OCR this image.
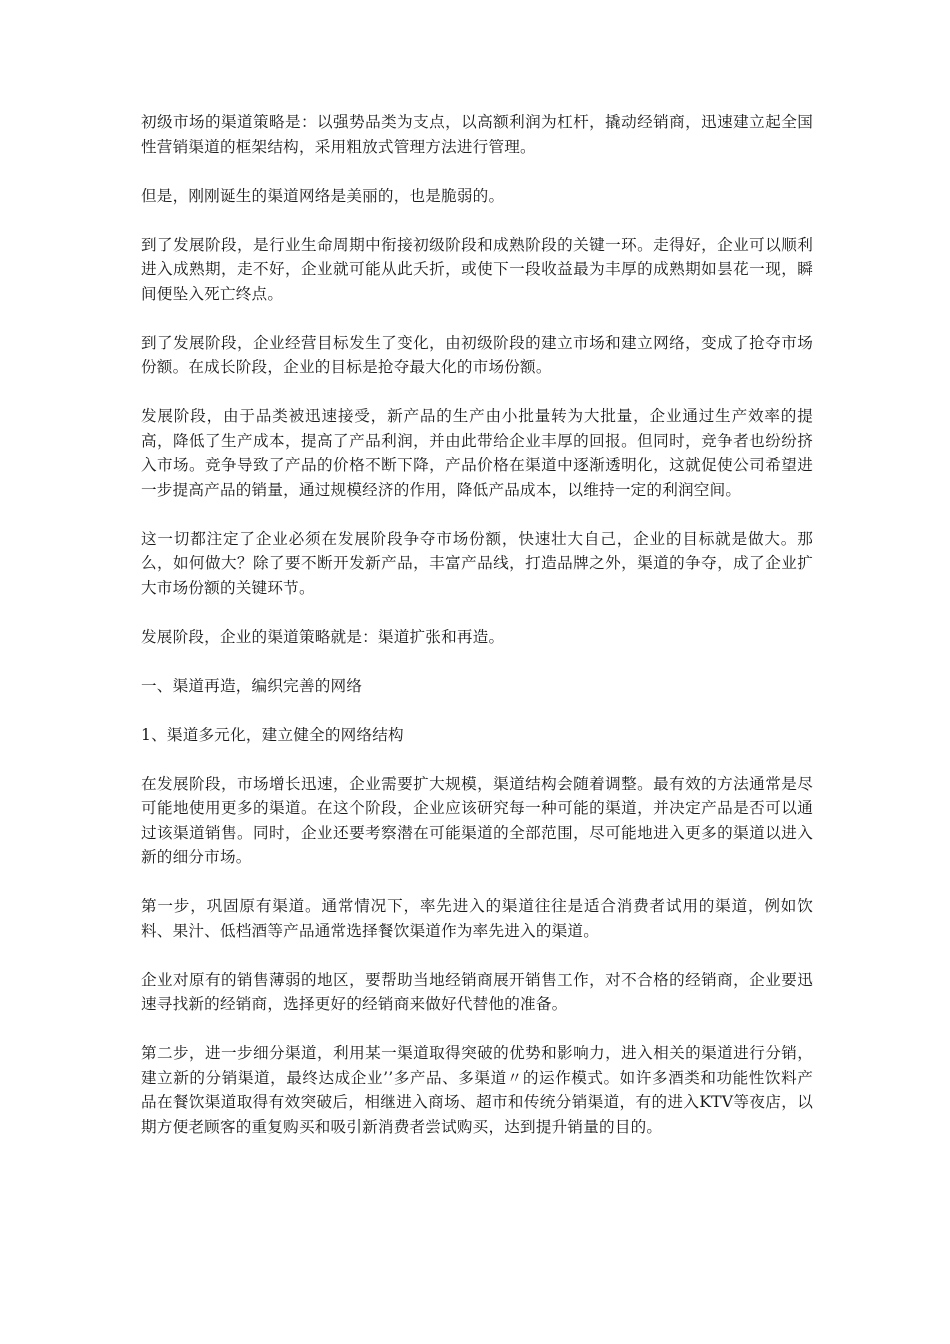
初级市场的渠道策略是：以强势品类为支点，以高额利润为杠杆，撬动经销商，迅速建立起全国性营销渠道的框架结构，采用粗放式管理方法进行管理。

但是，刚刚诞生的渠道网络是美丽的，也是脆弱的。

到了发展阶段，是行业生命周期中衔接初级阶段和成熟阶段的关键一环。走得好，企业可以顺利进入成熟期，走不好，企业就可能从此夭折，或使下一段收益最为丰厚的成熟期如昙花一现，瞬间便坠入死亡终点。

到了发展阶段，企业经营目标发生了变化，由初级阶段的建立市场和建立网络，变成了抢夺市场份额。在成长阶段，企业的目标是抢夺最大化的市场份额。

发展阶段，由于品类被迅速接受，新产品的生产由小批量转为大批量，企业通过生产效率的提高，降低了生产成本，提高了产品利润，并由此带给企业丰厚的回报。但同时，竞争者也纷纷挤入市场。竞争导致了产品的价格不断下降，产品价格在渠道中逐渐透明化，这就促使公司希望进一步提高产品的销量，通过规模经济的作用，降低产品成本，以维持一定的利润空间。

这一切都注定了企业必须在发展阶段争夺市场份额，快速壮大自己，企业的目标就是做大。那么，如何做大？除了要不断开发新产品，丰富产品线，打造品牌之外，渠道的争夺，成了企业扩大市场份额的关键环节。

发展阶段，企业的渠道策略就是：渠道扩张和再造。

一、渠道再造，编织完善的网络

1、渠道多元化，建立健全的网络结构

在发展阶段，市场增长迅速，企业需要扩大规模，渠道结构会随着调整。最有效的方法通常是尽可能地使用更多的渠道。在这个阶段，企业应该研究每一种可能的渠道，并决定产品是否可以通过该渠道销售。同时，企业还要考察潜在可能渠道的全部范围，尽可能地进入更多的渠道以进入新的细分市场。

第一步，巩固原有渠道。通常情况下，率先进入的渠道往往是适合消费者试用的渠道，例如饮料、果汁、低档酒等产品通常选择餐饮渠道作为率先进入的渠道。

企业对原有的销售薄弱的地区，要帮助当地经销商展开销售工作，对不合格的经销商，企业要迅速寻找新的经销商，选择更好的经销商来做好代替他的准备。

第二步，进一步细分渠道，利用某一渠道取得突破的优势和影响力，进入相关的渠道进行分销，建立新的分销渠道，最终达成企业’’多产品、多渠道〃的运作模式。如许多酒类和功能性饮料产品在餐饮渠道取得有效突破后，相继进入商场、超市和传统分销渠道，有的进入KTV等夜店，以期方便老顾客的重复购买和吸引新消费者尝试购买，达到提升销量的目的。
